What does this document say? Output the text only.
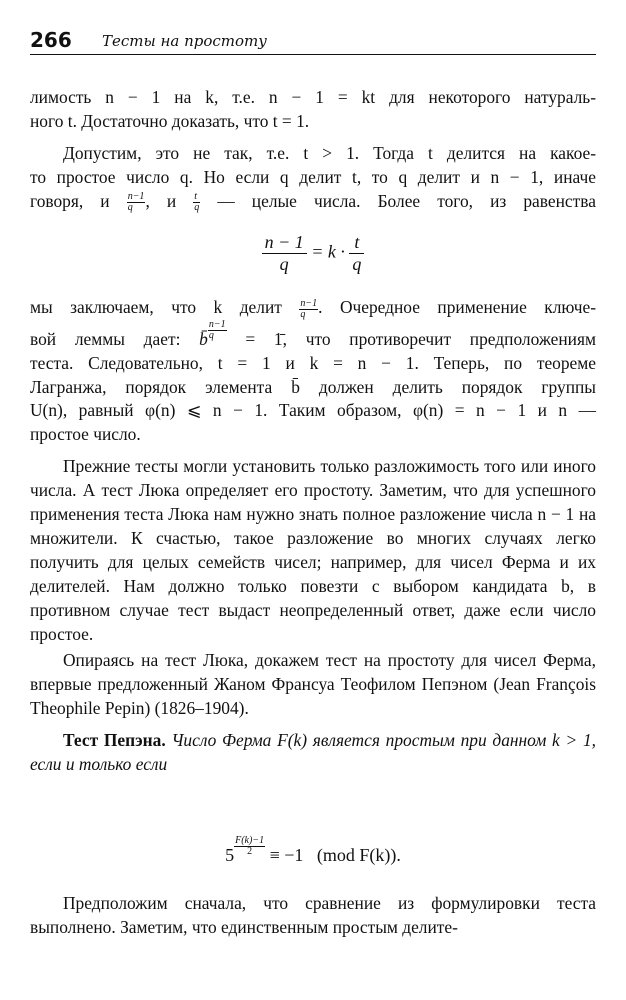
266 Тесты на простоту

лимость n − 1 на k, т.е. n − 1 = kt для некоторого натураль-

ного t. Достаточно доказать, что t = 1.

Допустим, это не так, т.е. t > 1. Тогда t делится на какое-

то простое число q. Но если q делит t, то q делит и n − 1, иначе

говоря, и $\frac{n-1}{q}$ , и $\frac{t}{q}$ — целые числа. Более того, из равенства

$\frac{n - 1}{q} = k \cdot \frac{t}{q}$

мы заключаем, что k делит $\frac{n-1}{q}$ . Очередное применение ключе-

вой леммы дает: b̄ $^{\frac{n-1}{q}}$ = 1̄, что противоречит предположениям

теста. Следовательно, t = 1 и k = n − 1. Теперь, по теореме

Лагранжа, порядок элемента b̄ должен делить порядок группы

U(n), равный φ(n) ⩽ n − 1. Таким образом, φ(n) = n − 1 и n —

простое число.

Прежние тесты могли установить только разложимость того или иного числа. А тест Люка определяет его простоту. Заметим, что для успешного применения теста Люка нам нужно знать полное разложение числа n − 1 на множители. К счастью, такое разложение во многих случаях легко получить для целых семейств чисел; например, для чисел Ферма и их делителей. Нам должно только повезти с выбором кандидата b, в противном случае тест выдаст неопределенный ответ, даже если число простое.

Опираясь на тест Люка, докажем тест на простоту для чисел Ферма, впервые предложенный Жаном Франсуа Теофилом Пепэном (Jean François Theophile Pepin) (1826–1904).

Тест Пепэна. Число Ферма F(k) является простым при данном k > 1, если и только если

5 $^{\frac{F(k)-1}{2}}$ ≡ −1   (mod F(k)).

Предположим сначала, что сравнение из формулировки теста выполнено. Заметим, что единственным простым делите-
